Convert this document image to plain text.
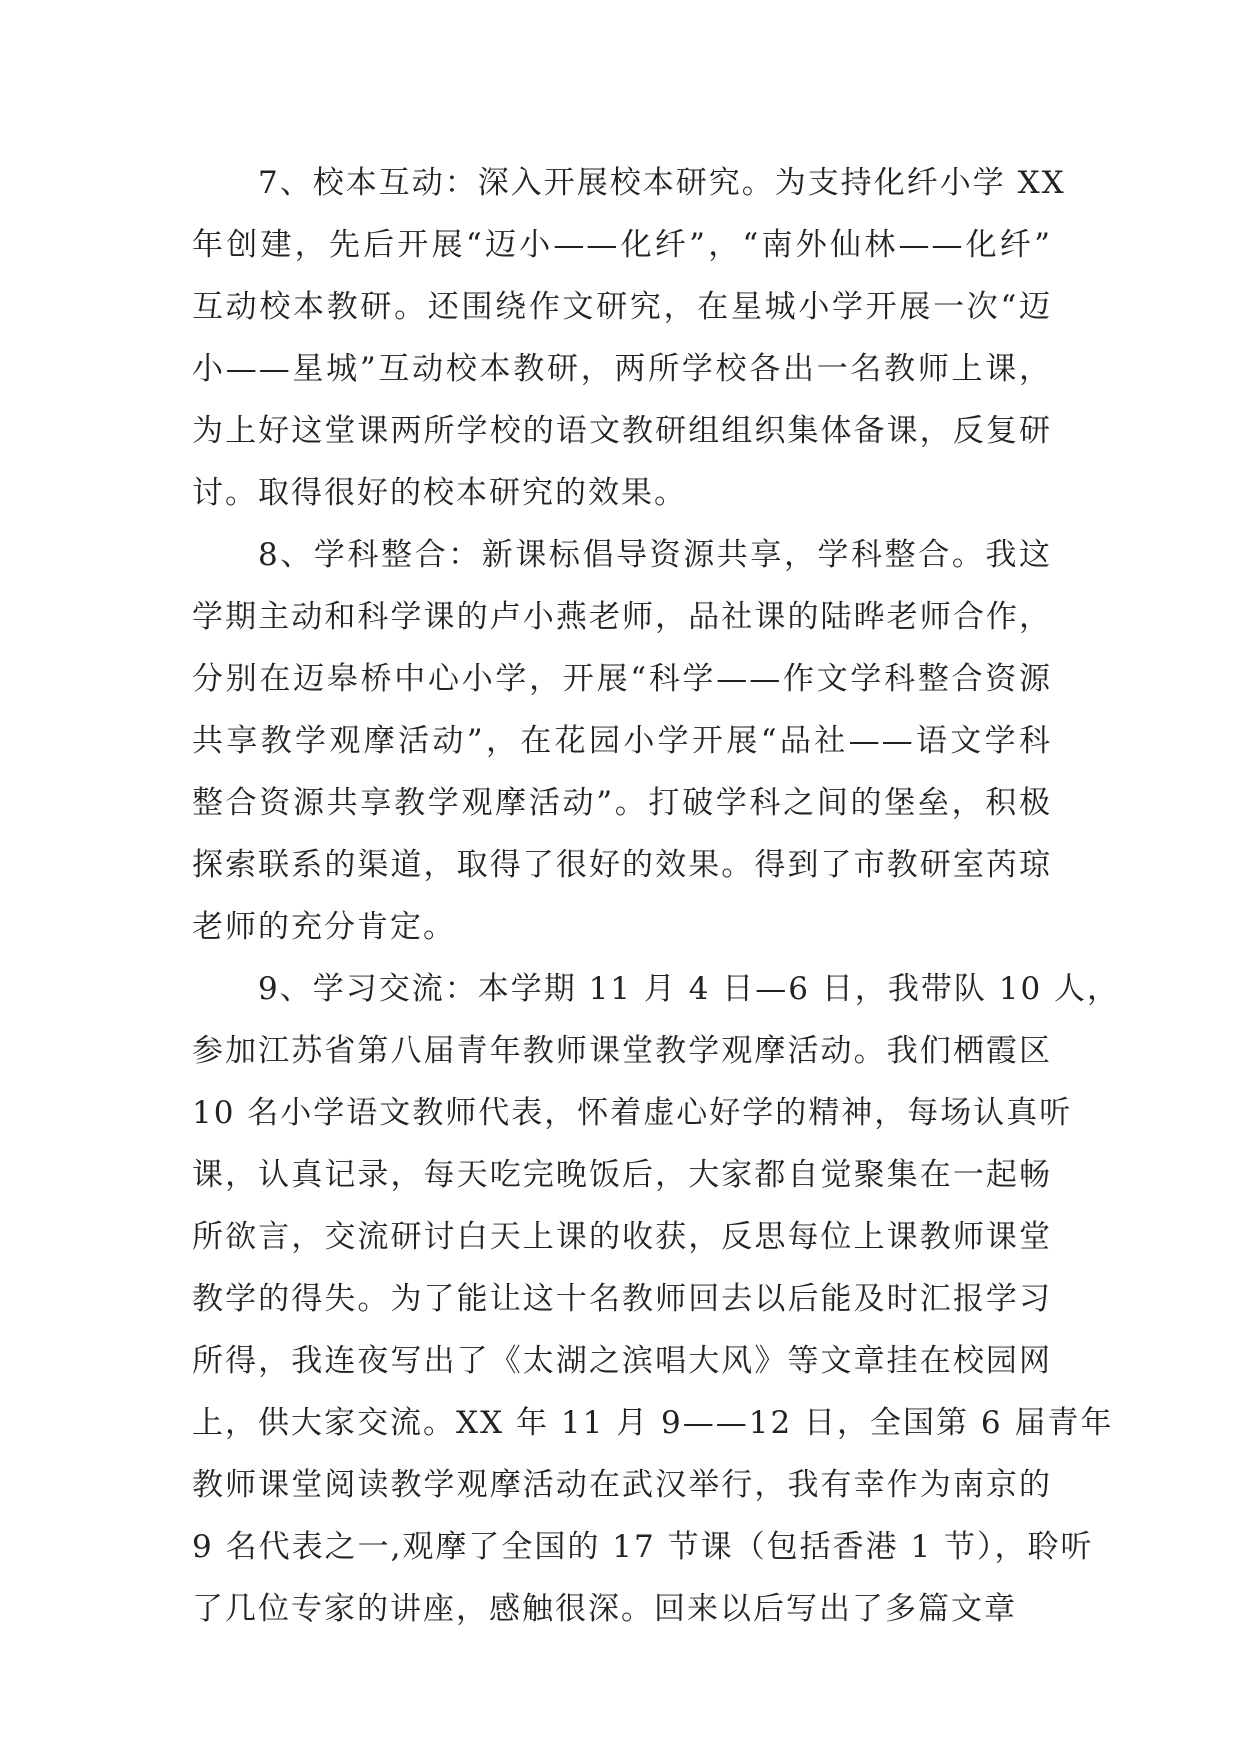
7、校本互动：深入开展校本研究。为支持化纤小学 XX
年创建，先后开展“迈小——化纤”，“南外仙林——化纤”
互动校本教研。还围绕作文研究，在星城小学开展一次“迈
小——星城”互动校本教研，两所学校各出一名教师上课，
为上好这堂课两所学校的语文教研组组织集体备课，反复研
讨。取得很好的校本研究的效果。
8、学科整合：新课标倡导资源共享，学科整合。我这
学期主动和科学课的卢小燕老师，品社课的陆晔老师合作，
分别在迈皋桥中心小学，开展“科学——作文学科整合资源
共享教学观摩活动”，在花园小学开展“品社——语文学科
整合资源共享教学观摩活动”。打破学科之间的堡垒，积极
探索联系的渠道，取得了很好的效果。得到了市教研室芮琼
老师的充分肯定。
9、学习交流：本学期 11 月 4 日—6 日，我带队 10 人，
参加江苏省第八届青年教师课堂教学观摩活动。我们栖霞区
10 名小学语文教师代表，怀着虚心好学的精神，每场认真听
课，认真记录，每天吃完晚饭后，大家都自觉聚集在一起畅
所欲言，交流研讨白天上课的收获，反思每位上课教师课堂
教学的得失。为了能让这十名教师回去以后能及时汇报学习
所得，我连夜写出了《太湖之滨唱大风》等文章挂在校园网
上，供大家交流。XX 年 11 月 9——12 日，全国第 6 届青年
教师课堂阅读教学观摩活动在武汉举行，我有幸作为南京的
9 名代表之一,观摩了全国的 17 节课（包括香港 1 节），聆听
了几位专家的讲座，感触很深。回来以后写出了多篇文章
